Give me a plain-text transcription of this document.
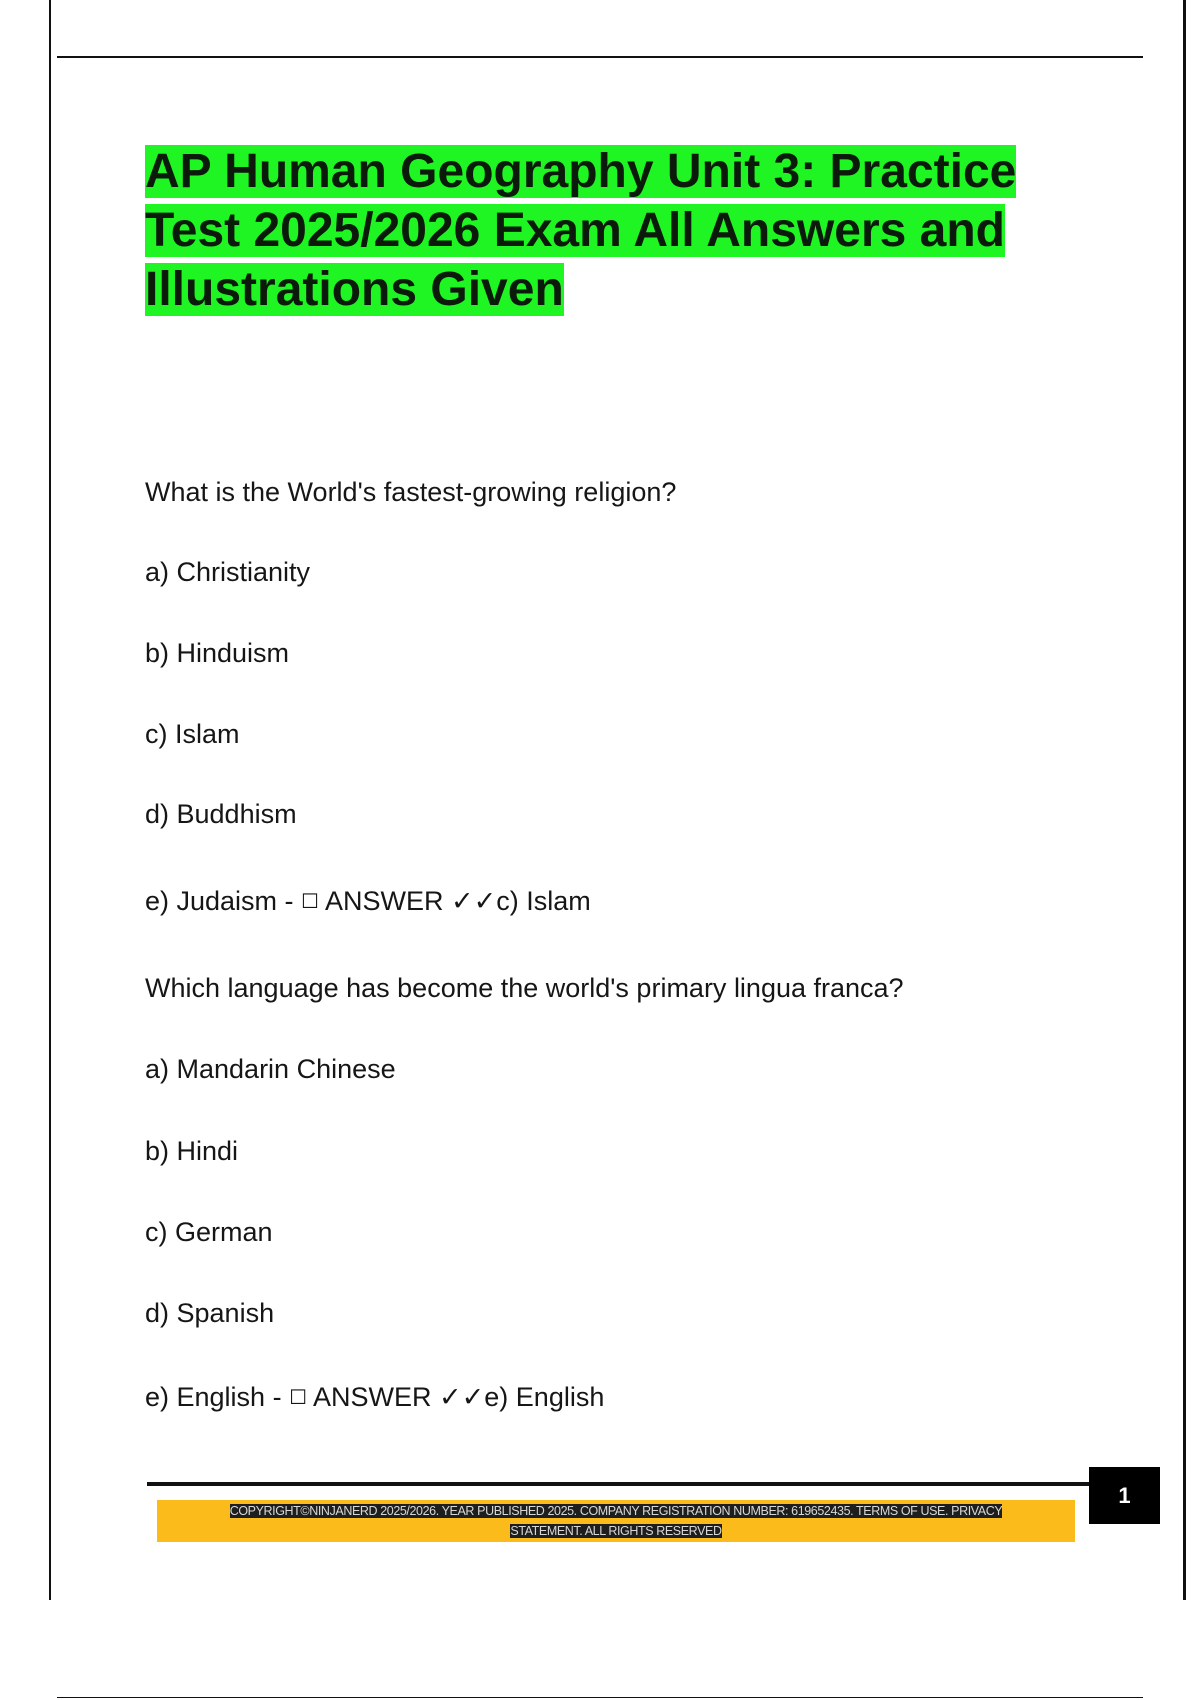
AP Human Geography Unit 3: Practice
Test 2025/2026 Exam All Answers and
Illustrations Given
What is the World's fastest-growing religion?
a) Christianity
b) Hinduism
c) Islam
d) Buddhism
e) Judaism - ☐ ANSWER ✓✓c) Islam
Which language has become the world's primary lingua franca?
a) Mandarin Chinese
b) Hindi
c) German
d) Spanish
e) English - ☐ ANSWER ✓✓e) English
1
COPYRIGHT©NINJANERD 2025/2026. YEAR PUBLISHED 2025. COMPANY REGISTRATION NUMBER: 619652435. TERMS OF USE. PRIVACY
STATEMENT. ALL RIGHTS RESERVED
